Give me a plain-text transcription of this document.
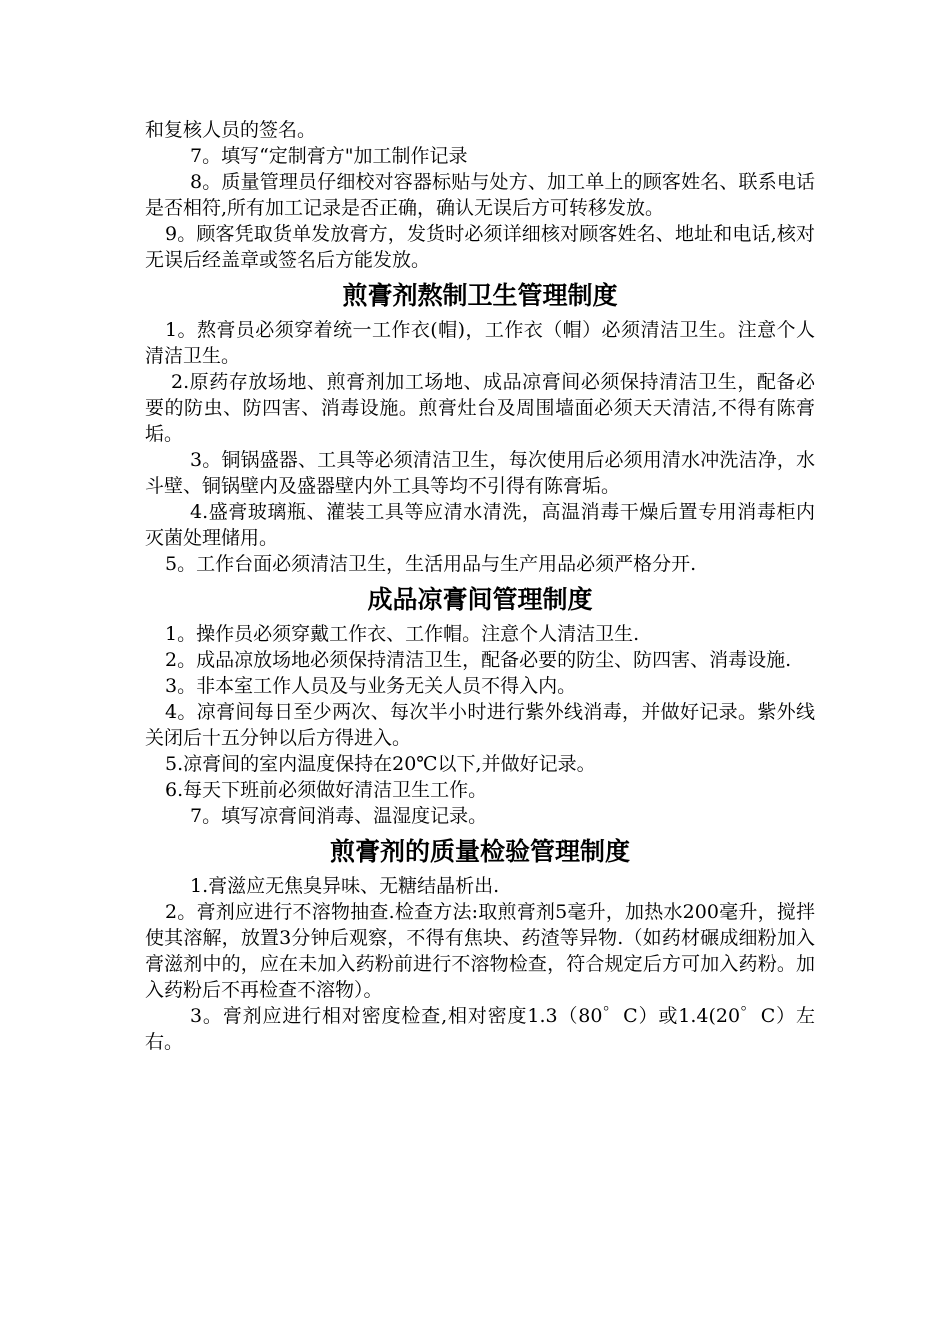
和复核人员的签名。

7。填写“定制膏方"加工制作记录

8。质量管理员仔细校对容器标贴与处方、加工单上的顾客姓名、联系电话是否相符,所有加工记录是否正确，确认无误后方可转移发放。

9。顾客凭取货单发放膏方，发货时必须详细核对顾客姓名、地址和电话,核对无误后经盖章或签名后方能发放。

煎膏剂熬制卫生管理制度

1。熬膏员必须穿着统一工作衣(帽)，工作衣（帽）必须清洁卫生。注意个人清洁卫生。

2.原药存放场地、煎膏剂加工场地、成品凉膏间必须保持清洁卫生，配备必要的防虫、防四害、消毒设施。煎膏灶台及周围墙面必须天天清洁,不得有陈膏垢。

3。铜锅盛器、工具等必须清洁卫生，每次使用后必须用清水冲洗洁净，水斗壁、铜锅壁内及盛器壁内外工具等均不引得有陈膏垢。

4.盛膏玻璃瓶、灌装工具等应清水清洗，高温消毒干燥后置专用消毒柜内灭菌处理储用。

5。工作台面必须清洁卫生，生活用品与生产用品必须严格分开.

成品凉膏间管理制度

1。操作员必须穿戴工作衣、工作帽。注意个人清洁卫生.

2。成品凉放场地必须保持清洁卫生，配备必要的防尘、防四害、消毒设施.

3。非本室工作人员及与业务无关人员不得入内。

4。凉膏间每日至少两次、每次半小时进行紫外线消毒，并做好记录。紫外线关闭后十五分钟以后方得进入。

5.凉膏间的室内温度保持在20℃以下,并做好记录。

6.每天下班前必须做好清洁卫生工作。

7。填写凉膏间消毒、温湿度记录。

煎膏剂的质量检验管理制度

1.膏滋应无焦臭异味、无糖结晶析出.

2。膏剂应进行不溶物抽查.检查方法:取煎膏剂5毫升，加热水200毫升，搅拌使其溶解，放置3分钟后观察，不得有焦块、药渣等异物.（如药材碾成细粉加入膏滋剂中的，应在未加入药粉前进行不溶物检查，符合规定后方可加入药粉。加入药粉后不再检查不溶物）。

3。膏剂应进行相对密度检查,相对密度1.3（80゜C）或1.4(20゜C）左右。
